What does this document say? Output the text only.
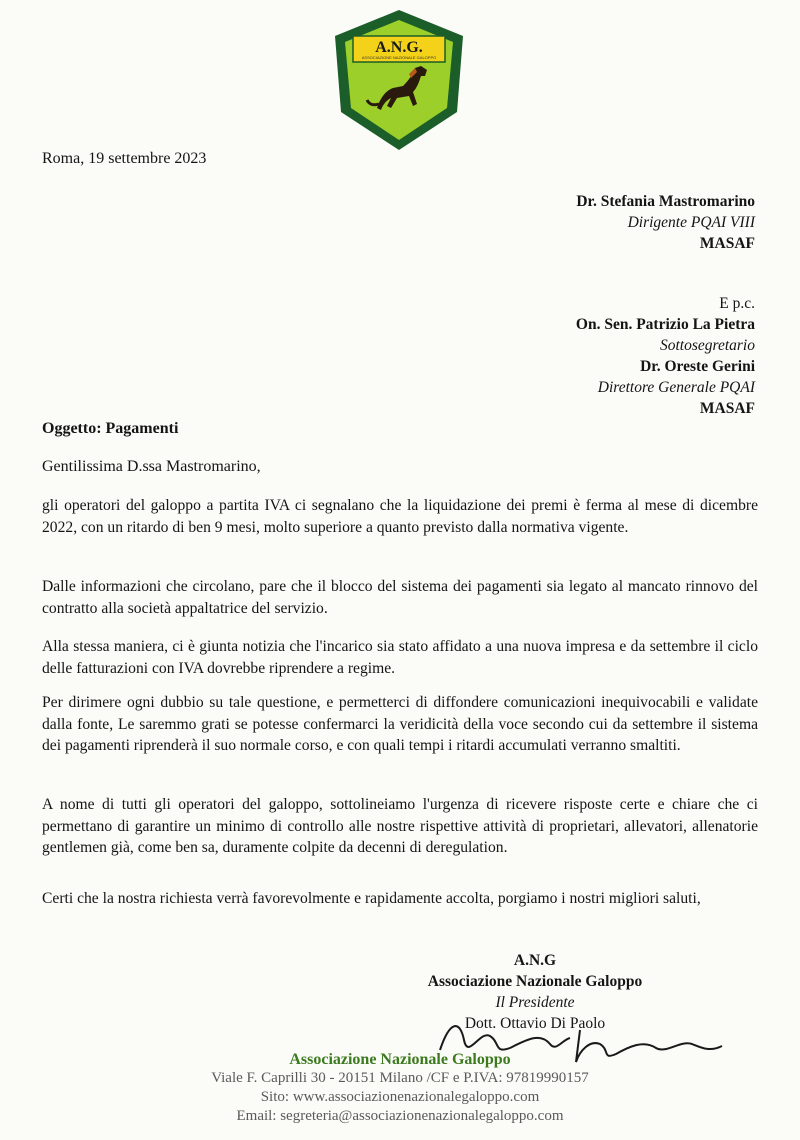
A.N.G.
ASSOCIAZIONE NAZIONALE GALOPPO
Roma, 19 settembre 2023
Dr. Stefania Mastromarino
Dirigente PQAI VIII
MASAF
E p.c.
On. Sen. Patrizio La Pietra
Sottosegretario
Dr. Oreste Gerini
Direttore Generale PQAI
MASAF
Oggetto: Pagamenti
Gentilissima D.ssa Mastromarino,
gli operatori del galoppo a partita IVA ci segnalano che la liquidazione dei premi è ferma al mese di dicembre 2022, con un ritardo di ben 9 mesi, molto superiore a quanto previsto dalla normativa vigente.
Dalle informazioni che circolano, pare che il blocco del sistema dei pagamenti sia legato al mancato rinnovo del contratto alla società appaltatrice del servizio.
Alla stessa maniera, ci è giunta notizia che l'incarico sia stato affidato a una nuova impresa e da settembre il ciclo delle fatturazioni con IVA dovrebbe riprendere a regime.
Per dirimere ogni dubbio su tale questione, e permetterci di diffondere comunicazioni inequivocabili e validate dalla fonte, Le saremmo grati se potesse confermarci la veridicità della voce secondo cui da settembre il sistema dei pagamenti riprenderà il suo normale corso, e con quali tempi i ritardi accumulati verranno smaltiti.
A nome di tutti gli operatori del galoppo, sottolineiamo l'urgenza di ricevere risposte certe e chiare che ci permettano di garantire un minimo di controllo alle nostre rispettive attività di proprietari, allevatori, allenatorie gentlemen già, come ben sa, duramente colpite da decenni di deregulation.
Certi che la nostra richiesta verrà favorevolmente e rapidamente accolta, porgiamo i nostri migliori saluti,
A.N.G
Associazione Nazionale Galoppo
Il Presidente
Dott. Ottavio Di Paolo
Associazione Nazionale Galoppo
Viale F. Caprilli 30 - 20151 Milano /CF e P.IVA: 97819990157
Sito: www.associazionenazionalegaloppo.com
Email: segreteria@associazionenazionalegaloppo.com
